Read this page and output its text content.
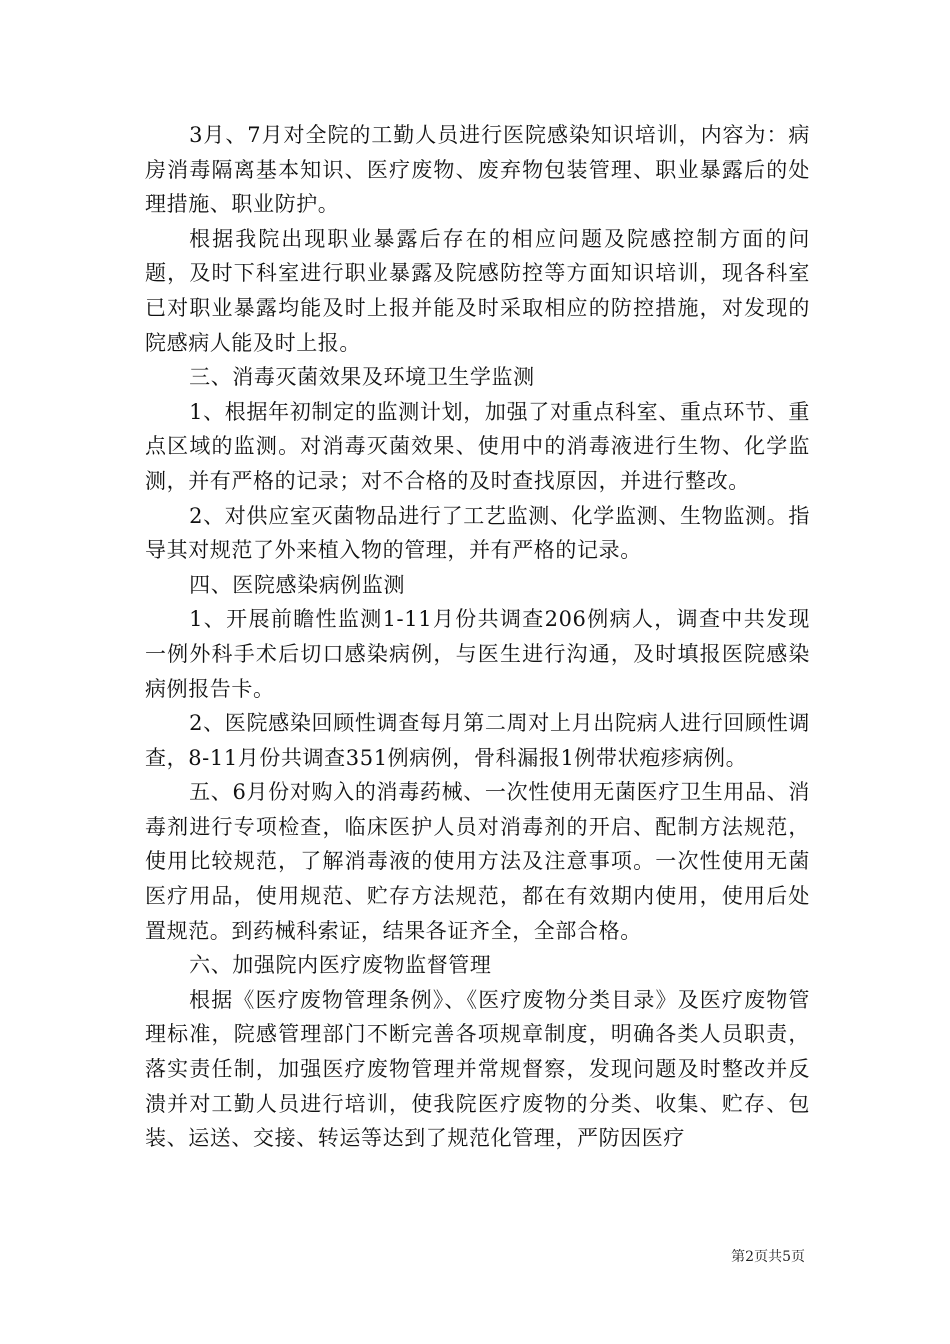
3月、7月对全院的工勤人员进行医院感染知识培训，内容为：病房消毒隔离基本知识、医疗废物、废弃物包装管理、职业暴露后的处理措施、职业防护。

根据我院出现职业暴露后存在的相应问题及院感控制方面的问题，及时下科室进行职业暴露及院感防控等方面知识培训，现各科室已对职业暴露均能及时上报并能及时采取相应的防控措施，对发现的院感病人能及时上报。

三、消毒灭菌效果及环境卫生学监测

1、根据年初制定的监测计划，加强了对重点科室、重点环节、重点区域的监测。对消毒灭菌效果、使用中的消毒液进行生物、化学监测，并有严格的记录；对不合格的及时查找原因，并进行整改。

2、对供应室灭菌物品进行了工艺监测、化学监测、生物监测。指导其对规范了外来植入物的管理，并有严格的记录。

四、医院感染病例监测

1、开展前瞻性监测1-11月份共调查206例病人，调查中共发现一例外科手术后切口感染病例，与医生进行沟通，及时填报医院感染病例报告卡。

2、医院感染回顾性调查每月第二周对上月出院病人进行回顾性调查，8-11月份共调查351例病例，骨科漏报1例带状疱疹病例。

五、6月份对购入的消毒药械、一次性使用无菌医疗卫生用品、消毒剂进行专项检查，临床医护人员对消毒剂的开启、配制方法规范，使用比较规范，了解消毒液的使用方法及注意事项。一次性使用无菌医疗用品，使用规范、贮存方法规范，都在有效期内使用，使用后处置规范。到药械科索证，结果各证齐全，全部合格。

六、加强院内医疗废物监督管理

根据《医疗废物管理条例》、《医疗废物分类目录》及医疗废物管理标准，院感管理部门不断完善各项规章制度，明确各类人员职责，落实责任制，加强医疗废物管理并常规督察，发现问题及时整改并反溃并对工勤人员进行培训，使我院医疗废物的分类、收集、贮存、包装、运送、交接、转运等达到了规范化管理，严防因医疗

第2页共5页
